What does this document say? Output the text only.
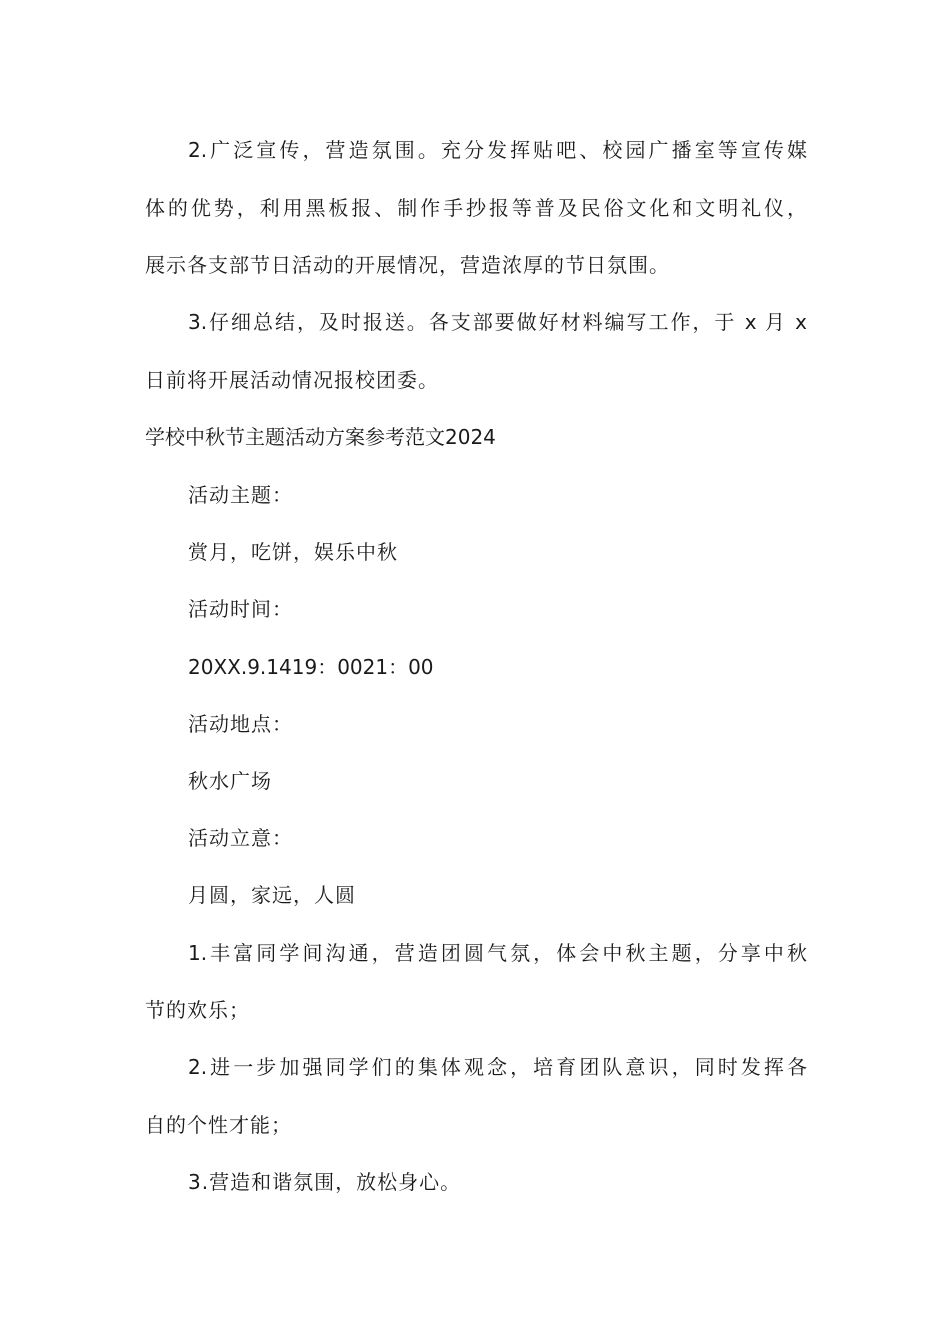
2.广泛宣传，营造氛围。充分发挥贴吧、校园广播室等宣传媒
体的优势，利用黑板报、制作手抄报等普及民俗文化和文明礼仪，
展示各支部节日活动的开展情况，营造浓厚的节日氛围。
3.仔细总结，及时报送。各支部要做好材料编写工作，于 x 月 x
日前将开展活动情况报校团委。
学校中秋节主题活动方案参考范文2024
活动主题：
赏月，吃饼，娱乐中秋
活动时间：
20XX.9.1419：0021：00
活动地点：
秋水广场
活动立意：
月圆，家远，人圆
1.丰富同学间沟通，营造团圆气氛，体会中秋主题，分享中秋
节的欢乐；
2.进一步加强同学们的集体观念，培育团队意识，同时发挥各
自的个性才能；
3.营造和谐氛围，放松身心。
